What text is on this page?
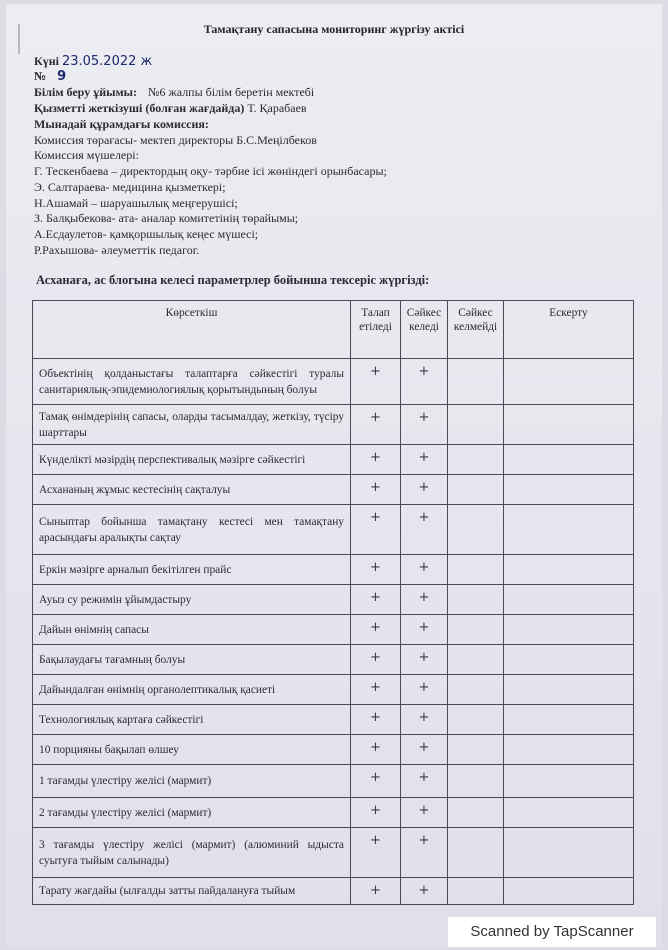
Тамақтану сапасына мониторинг жүргізу актісі
Күні 23.05.2022 ж
№ 9
Білім беру ұйымы: №6 жалпы білім беретін мектебі
Қызметті жеткізуші (болған жағдайда) Т. Қарабаев
Мынадай құрамдағы комиссия:
Комиссия төрағасы- мектеп директоры Б.С.Меңілбеков
Комиссия мүшелері:
Г. Тескенбаева – директордың оқу- тәрбие ісі жөніндегі орынбасары;
Э. Салтараева- медицина қызметкері;
Н.Ашамай – шаруашылық меңгерушісі;
З. Балқыбекова- ата- аналар комитетінің төрайымы;
А.Есдаулетов- қамқоршылық кеңес мүшесі;
Р.Рахышова- әлеуметтік педагог.
Асханаға, ас блогына келесі параметрлер бойынша тексеріс жүргізді:
Көрсеткіш	Талап етіледі	Сәйкес келеді	Сәйкес келмейді	Ескерту
Объектінің қолданыстағы талаптарға сәйкестігі туралы санитариялық-эпидемиологиялық қорытындының болуы	+	+		
Тамақ өнімдерінің сапасы, оларды тасымалдау, жеткізу, түсіру шарттары	+	+		
Күнделікті мәзірдің перспективалық мәзірге сәйкестігі	+	+		
Асхананың жұмыс кестесінің сақталуы	+	+		
Сыныптар бойынша тамақтану кестесі мен тамақтану арасындағы аралықты сақтау	+	+		
Еркін мәзірге арналып бекітілген прайс	+	+		
Ауыз су режимін ұйымдастыру	+	+		
Дайын өнімнің сапасы	+	+		
Бақылаудағы тағамның болуы	+	+		
Дайындалған өнімнің органолептикалық қасиеті	+	+		
Технологиялық картаға сәйкестігі	+	+		
10 порцияны бақылап өлшеу	+	+		
1 тағамды үлестіру желісі (мармит)	+	+		
2 тағамды үлестіру желісі (мармит)	+	+		
3 тағамды үлестіру желісі (мармит) (алюминий ыдыста суытуға тыйым салынады)	+	+		
Тарату жағдайы (ылғалды затты пайдалануға тыйым	+	+		
Scanned by TapScanner
